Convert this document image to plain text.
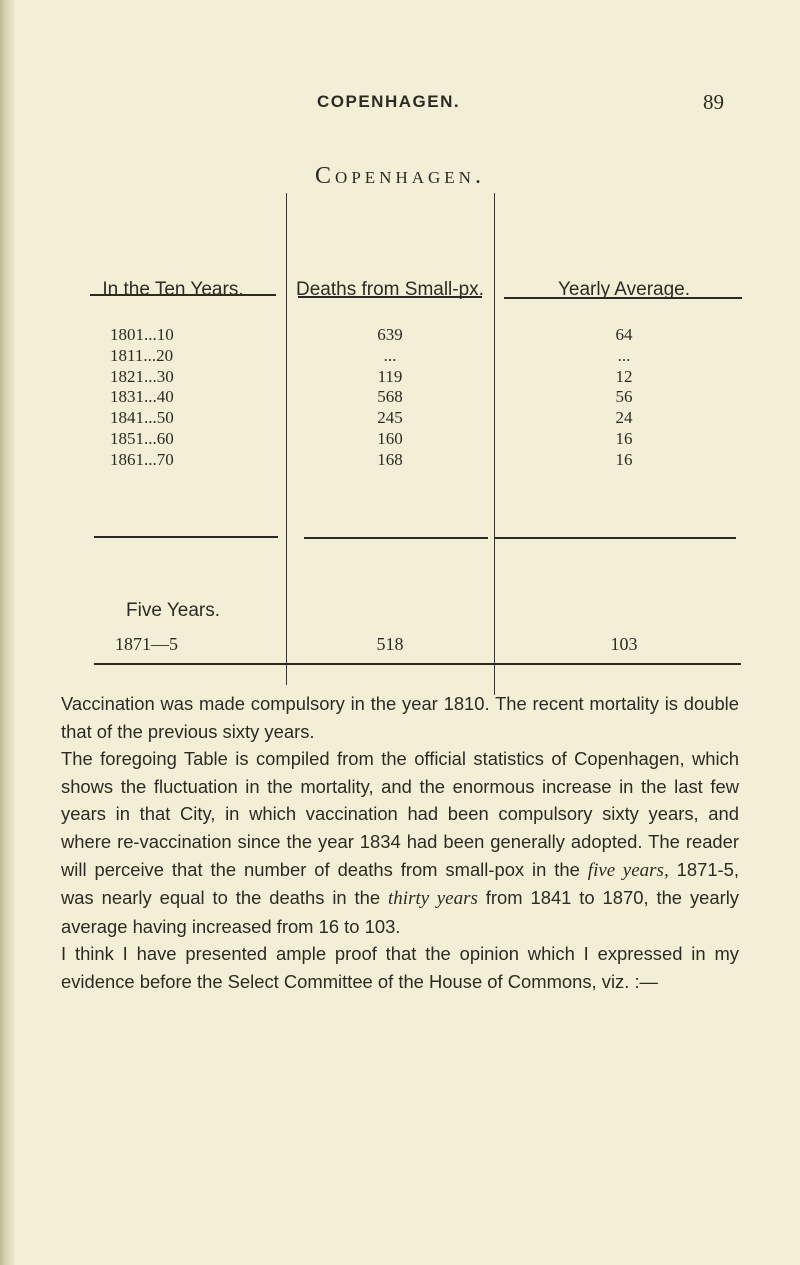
COPENHAGEN.	89
Copenhagen.
In the Ten Years.	Deaths from Small-px.	Yearly Average.
1801...10	639	64
1811...20	...	...
1821...30	119	12
1831...40	568	56
1841...50	245	24
1851...60	160	16
1861...70	168	16
Five Years.
1871—5	518	103

Vaccination was made compulsory in the year 1810. The recent mortality is double that of the previous sixty years.

The foregoing Table is compiled from the official statistics of Copenhagen, which shows the fluctuation in the mortality, and the enormous increase in the last few years in that City, in which vaccination had been compulsory sixty years, and where re-vaccination since the year 1834 had been generally adopted. The reader will perceive that the number of deaths from small-pox in the five years, 1871-5, was nearly equal to the deaths in the thirty years from 1841 to 1870, the yearly average having increased from 16 to 103.

I think I have presented ample proof that the opinion which I expressed in my evidence before the Select Committee of the House of Commons, viz. :—
